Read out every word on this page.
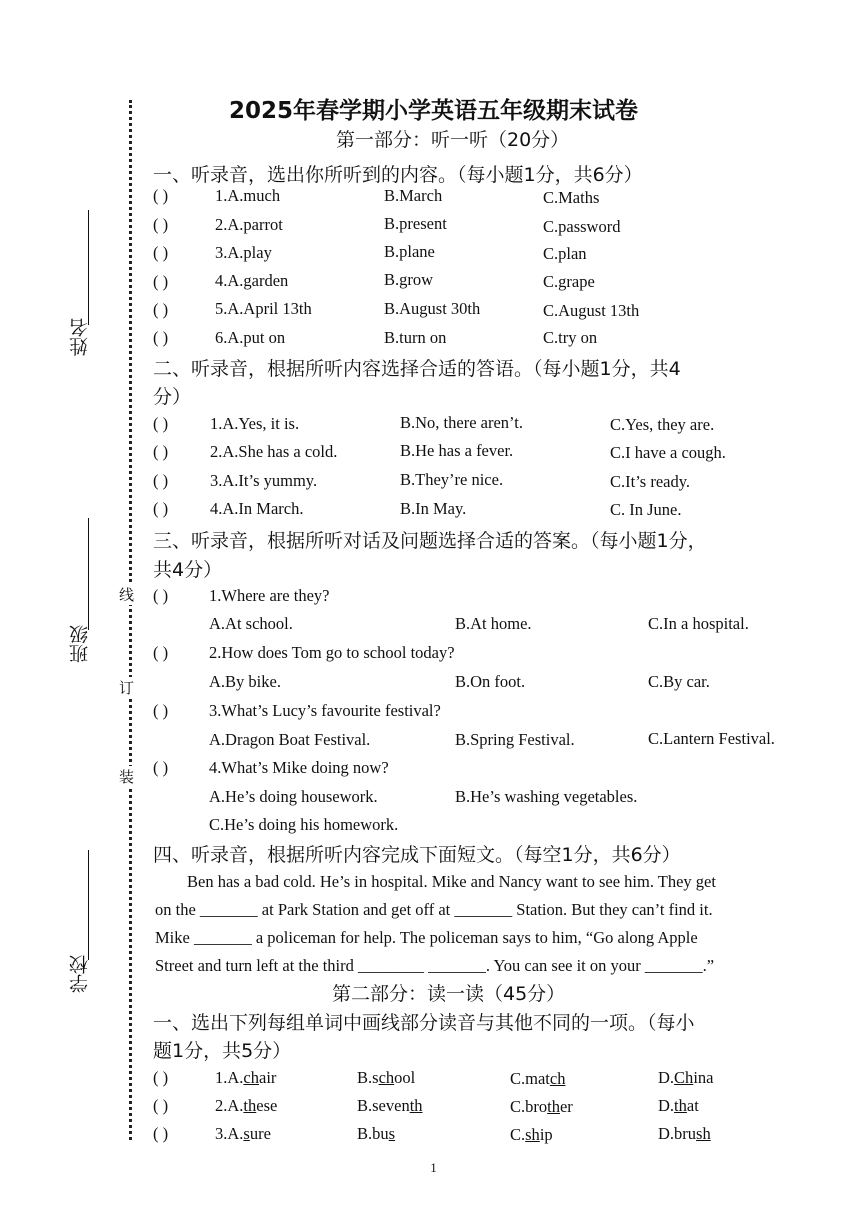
姓名
班级
学校
线
订
装
2025年春学期小学英语五年级期末试卷
第一部分：听一听（20分）
一、听录音，选出你所听到的内容。（每小题1分，共6分）
( )	1.A.much	B.March	C.Maths
( )	2.A.parrot	B.present	C.password
( )	3.A.play	B.plane	C.plan
( )	4.A.garden	B.grow	C.grape
( )	5.A.April 13th	B.August 30th	C.August 13th
( )	6.A.put on	B.turn on	C.try on
二、听录音，根据所听内容选择合适的答语。（每小题1分，共4
分）
( )	1.A.Yes, it is.	B.No, there aren’t.	C.Yes, they are.
( )	2.A.She has a cold.	B.He has a fever.	C.I have a cough.
( )	3.A.It’s yummy.	B.They’re nice.	C.It’s ready.
( )	4.A.In March.	B.In May.	C. In June.
三、听录音，根据所听对话及问题选择合适的答案。（每小题1分，
共4分）
( ) 1.Where are they?
A.At school.	B.At home.	C.In a hospital.
( ) 2.How does Tom go to school today?
A.By bike.	B.On foot.	C.By car.
( ) 3.What’s Lucy’s favourite festival?
A.Dragon Boat Festival.	B.Spring Festival.	C.Lantern Festival.
( ) 4.What’s Mike doing now?
A.He’s doing housework.	B.He’s washing vegetables.
C.He’s doing his homework.
四、听录音，根据所听内容完成下面短文。（每空1分，共6分）
Ben has a bad cold. He’s in hospital. Mike and Nancy want to see him. They get
on the _______ at Park Station and get off at _______ Station. But they can’t find it.
Mike _______ a policeman for help. The policeman says to him, “Go along Apple
Street and turn left at the third ________ _______. You can see it on your _______.”
第二部分：读一读（45分）
一、选出下列每组单词中画线部分读音与其他不同的一项。（每小
题1分，共5分）
( )	1.A.chair	B.school	C.match	D.China
( )	2.A.these	B.seventh	C.brother	D.that
( )	3.A.sure	B.bus	C.ship	D.brush
1
